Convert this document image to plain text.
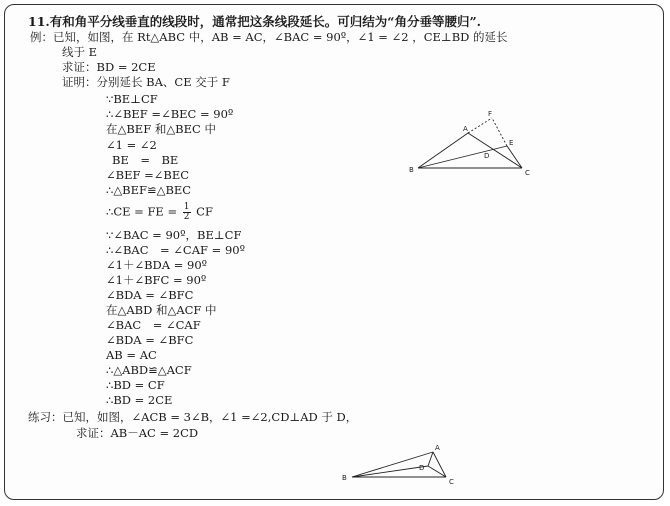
11.有和角平分线垂直的线段时，通常把这条线段延长。可归结为“角分垂等腰归”.
例：已知，如图，在 Rt△ABC 中，AB = AC，∠BAC = 90º，∠1 = ∠2 ，CE⊥BD 的延长
线于 E
求证：BD = 2CE
证明：分别延长 BA、CE 交于 F
∵BE⊥CF
∴∠BEF =∠BEC = 90º
在△BEF 和△BEC 中
∠1 = ∠2
BE　=　BE
∠BEF =∠BEC
∴△BEF≌△BEC
∴CE = FE = $\frac{1}{2}$ CF
∵∠BAC = 90º，BE⊥CF
∴∠BAC　= ∠CAF = 90º
∠1＋∠BDA = 90º
∠1＋∠BFC = 90º
∠BDA = ∠BFC
在△ABD 和△ACF 中
∠BAC　= ∠CAF
∠BDA = ∠BFC
AB = AC
∴△ABD≌△ACF
∴BD = CF
∴BD = 2CE
练习：已知，如图，∠ACB = 3∠B，∠1 =∠2,CD⊥AD 于 D，
求证：AB－AC = 2CD
A
B	C
D
E
F
A
B	C
D
